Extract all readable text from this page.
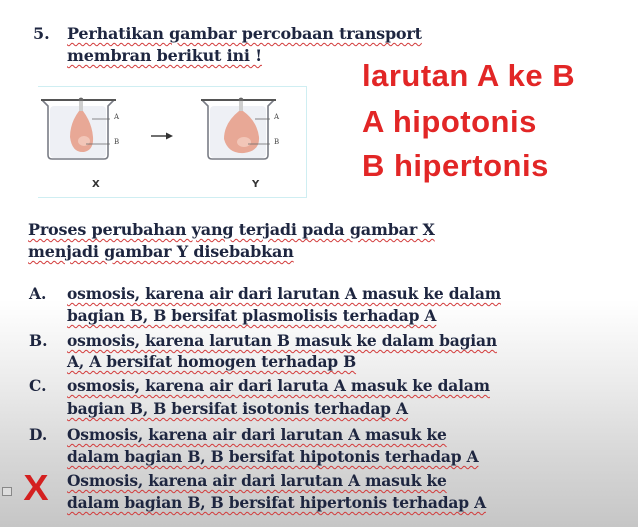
5. Perhatikan gambar percobaan transport
membran berikut ini !
A
B
X
A
B
Y
larutan A ke B
A hipotonis
B hipertonis
Proses perubahan yang terjadi pada gambar X
menjadi gambar Y disebabkan
A. osmosis, karena air dari larutan A masuk ke dalam
bagian B, B bersifat plasmolisis terhadap A
B. osmosis, karena larutan B masuk ke dalam bagian
A, A bersifat homogen terhadap B
C. osmosis, karena air dari laruta A masuk ke dalam
bagian B, B bersifat isotonis terhadap A
D. Osmosis, karena air dari larutan A masuk ke
dalam bagian B, B bersifat hipotonis terhadap A
Osmosis, karena air dari larutan A masuk ke
dalam bagian B, B bersifat hipertonis terhadap A
X
